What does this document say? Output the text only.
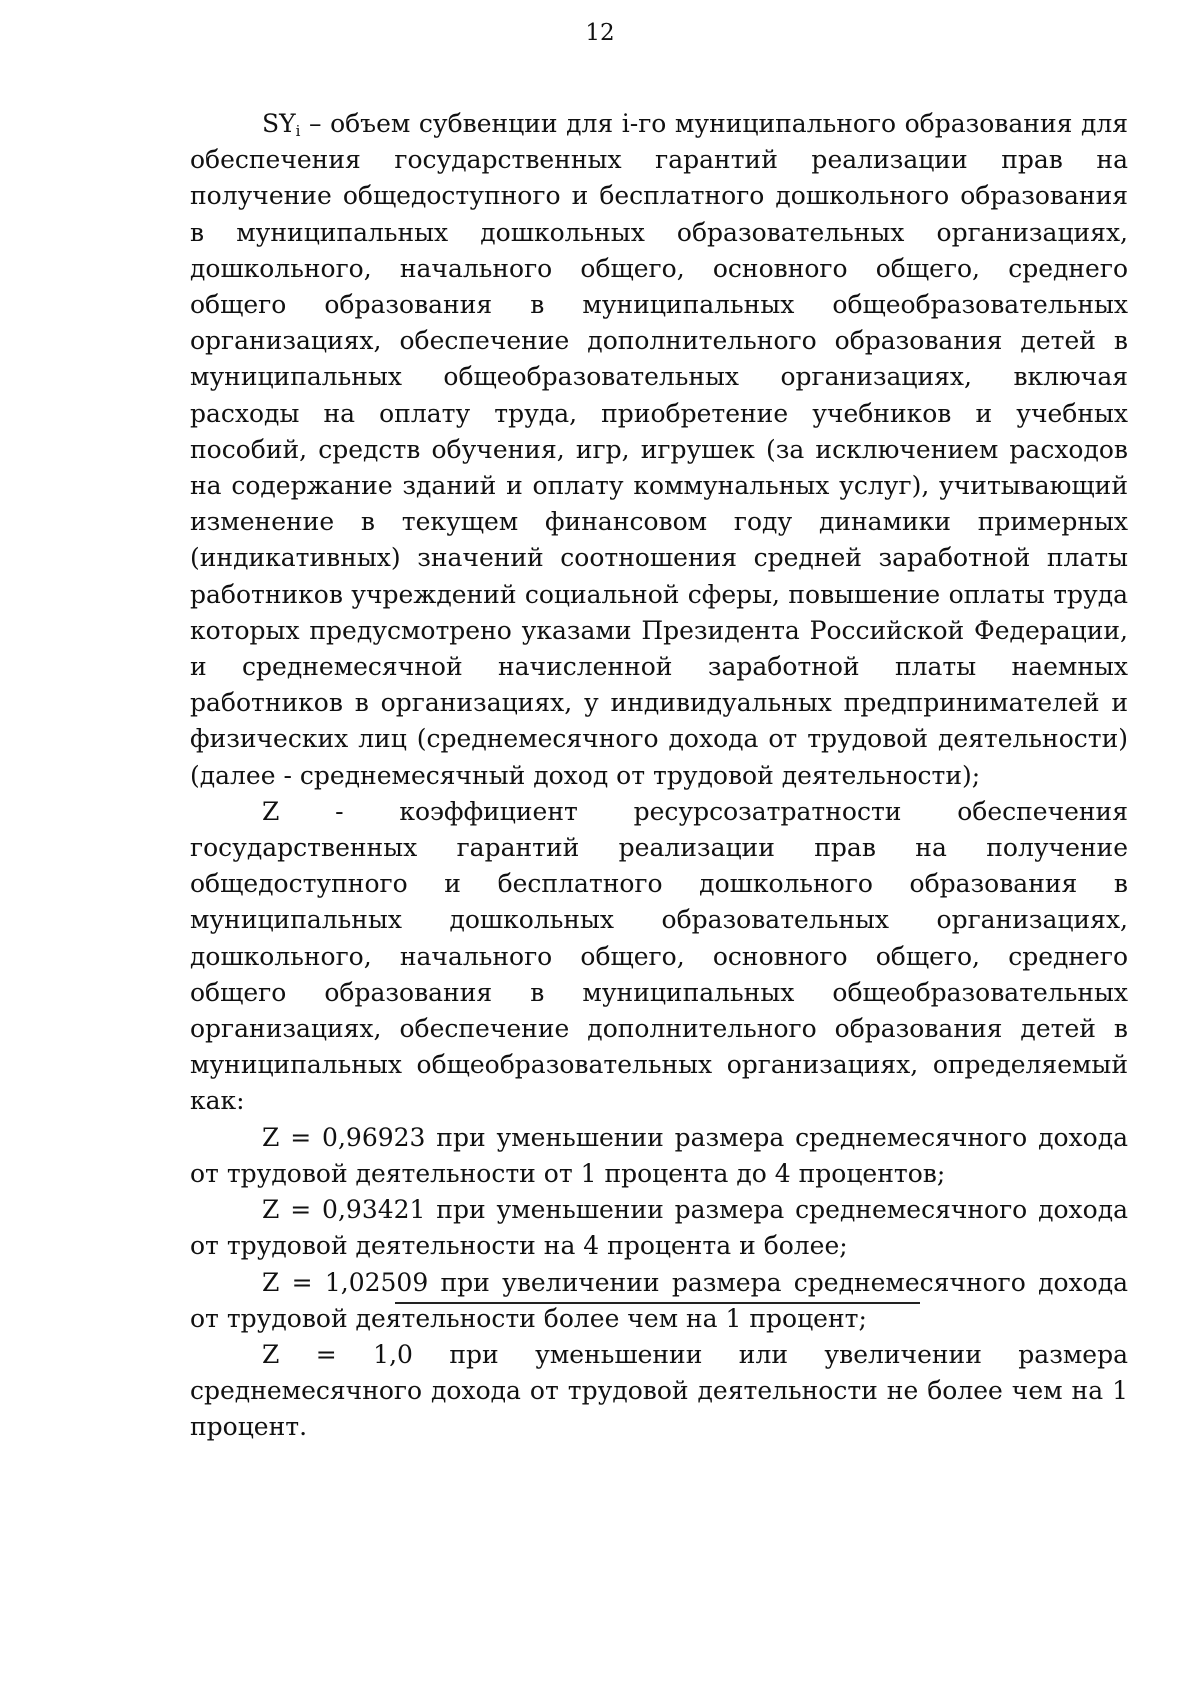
12

$SY_i$ – объем субвенции для i-го муниципального образования для обеспечения государственных гарантий реализации прав на получение общедоступного и бесплатного дошкольного образования в муниципальных дошкольных образовательных организациях, дошкольного, начального общего, основного общего, среднего общего образования в муниципальных общеобразовательных организациях, обеспечение дополнительного образования детей в муниципальных общеобразовательных организациях, включая расходы на оплату труда, приобретение учебников и учебных пособий, средств обучения, игр, игрушек (за исключением расходов на содержание зданий и оплату коммунальных услуг), учитывающий изменение в текущем финансовом году динамики примерных (индикативных) значений соотношения средней заработной платы работников учреждений социальной сферы, повышение оплаты труда которых предусмотрено указами Президента Российской Федерации, и среднемесячной начисленной заработной платы наемных работников в организациях, у индивидуальных предпринимателей и физических лиц (среднемесячного дохода от трудовой деятельности) (далее - среднемесячный доход от трудовой деятельности);

Z - коэффициент ресурсозатратности обеспечения государственных гарантий реализации прав на получение общедоступного и бесплатного дошкольного образования в муниципальных дошкольных образовательных организациях, дошкольного, начального общего, основного общего, среднего общего образования в муниципальных общеобразовательных организациях, обеспечение дополнительного образования детей в муниципальных общеобразовательных организациях, определяемый как:

Z = 0,96923 при уменьшении размера среднемесячного дохода от трудовой деятельности от 1 процента до 4 процентов;

Z = 0,93421 при уменьшении размера среднемесячного дохода от трудовой деятельности на 4 процента и более;

Z = 1,02509 при увеличении размера среднемесячного дохода от трудовой деятельности более чем на 1 процент;

Z = 1,0 при уменьшении или увеличении размера среднемесячного дохода от трудовой деятельности не более чем на 1 процент.
